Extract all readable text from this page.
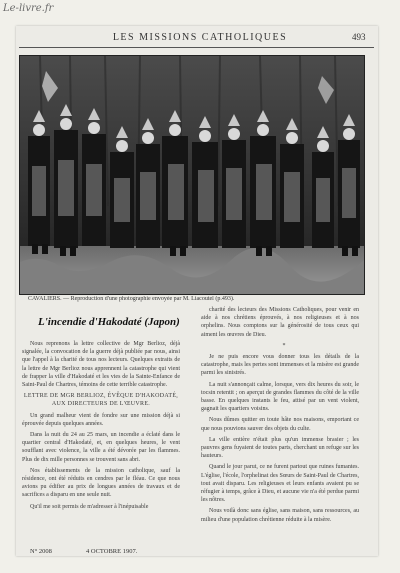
Le-livre.fr
LES MISSIONS CATHOLIQUES	493
CAVALIERS. — Reproduction d'une photographie envoyée par M. Liacoutel (p.493).
L'incendie d'Hakodaté (Japon)

Nous reprenons la lettre collective de Mgr Berlioz, déjà signalée, la convocation de la guerre déjà publiée par nous, ainsi que l'appel à la charité de tous nos lecteurs. Quelques extraits de la lettre de Mgr Berlioz nous apprennent la catastrophe qui vient de frapper la ville d'Hakodaté et les vies de la Sainte-Enfance de Saint-Paul de Chartres, témoins de cette terrible catastrophe.

LETTRE DE MGR BERLIOZ, ÉVÊQUE D'HAKODATÉ, AUX DIRECTEURS DE L'ŒUVRE.

Un grand malheur vient de fondre sur une mission déjà si éprouvée depuis quelques années.

Dans la nuit du 24 au 25 mars, un incendie a éclaté dans le quartier central d'Hakodaté, et, en quelques heures, le vent soufflant avec violence, la ville a été dévorée par les flammes. Plus de dix mille personnes se trouvent sans abri.

Nos établissements de la mission catholique, sauf la résidence, ont été réduits en cendres par le fléau. Ce que nous avions pu édifier au prix de longues années de travaux et de sacrifices a disparu en une seule nuit.

Qu'il me soit permis de m'adresser à l'inépuisable

charité des lecteurs des Missions Catholiques, pour venir en aide à nos chrétiens éprouvés, à nos religieuses et à nos orphelins. Nous comptons sur la générosité de tous ceux qui aiment les œuvres de Dieu.

*

Je ne puis encore vous donner tous les détails de la catastrophe, mais les pertes sont immenses et la misère est grande parmi les sinistrés.

La nuit s'annonçait calme, lorsque, vers dix heures du soir, le tocsin retentit ; on aperçut de grandes flammes du côté de la ville basse. En quelques instants le feu, attisé par un vent violent, gagnait les quartiers voisins.

Nous dûmes quitter en toute hâte nos maisons, emportant ce que nous pouvions sauver des objets du culte.

La ville entière n'était plus qu'un immense brasier ; les pauvres gens fuyaient de toutes parts, cherchant un refuge sur les hauteurs.

Quand le jour parut, ce ne furent partout que ruines fumantes. L'église, l'école, l'orphelinat des Sœurs de Saint-Paul de Chartres, tout avait disparu. Les religieuses et leurs enfants avaient pu se réfugier à temps, grâce à Dieu, et aucune vie n'a été perdue parmi les nôtres.

Nous voilà donc sans église, sans maison, sans ressources, au milieu d'une population chrétienne réduite à la misère.

N° 2008	4 OCTOBRE 1907.
